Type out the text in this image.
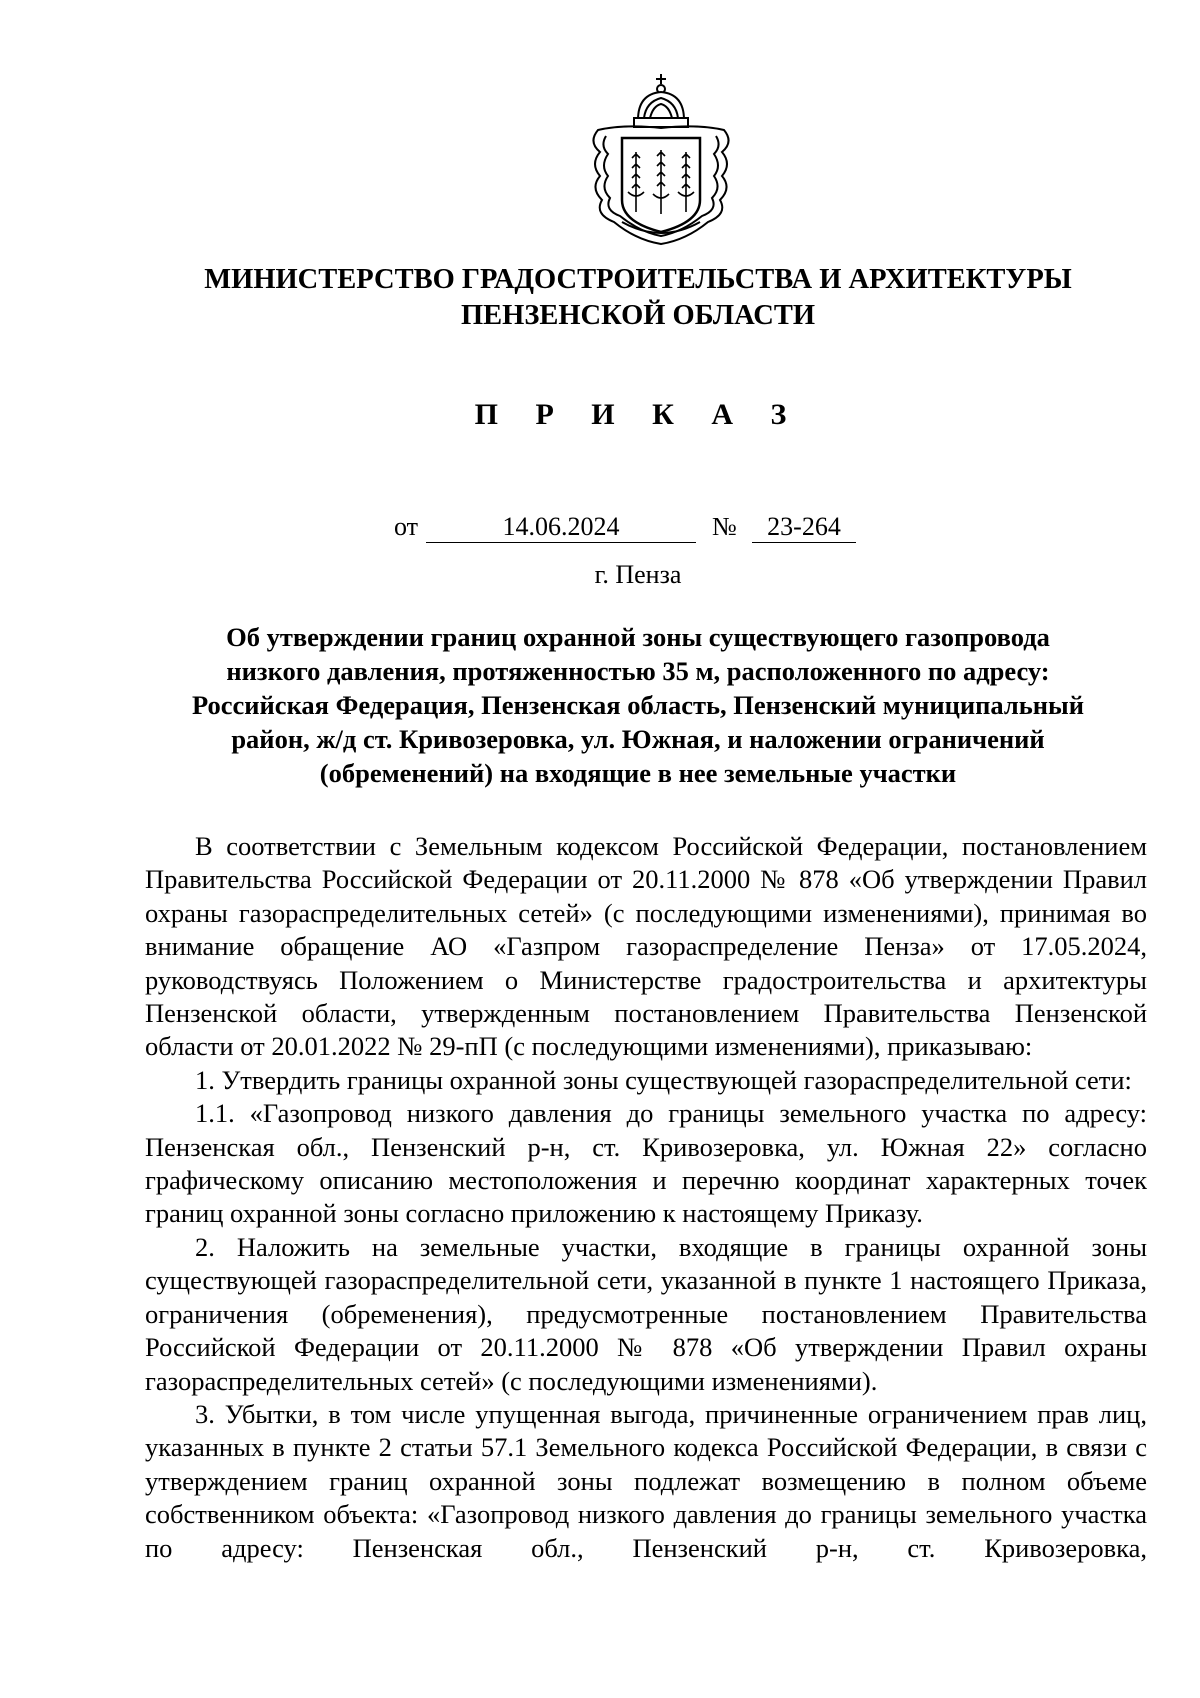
МИНИСТЕРСТВО ГРАДОСТРОИТЕЛЬСТВА И АРХИТЕКТУРЫ
ПЕНЗЕНСКОЙ ОБЛАСТИ
П Р И К А З
от	14.06.2024	№	23-264
г. Пенза
Об утверждении границ охранной зоны существующего газопровода
низкого давления, протяженностью 35 м, расположенного по адресу:
Российская Федерация, Пензенская область, Пензенский муниципальный
район, ж/д ст. Кривозеровка, ул. Южная, и наложении ограничений
(обременений) на входящие в нее земельные участки

В соответствии с Земельным кодексом Российской Федерации, постановлением Правительства Российской Федерации от 20.11.2000 № 878 «Об утверждении Правил охраны газораспределительных сетей» (с последующими изменениями), принимая во внимание обращение АО «Газпром газораспределение Пенза» от 17.05.2024, руководствуясь Положением о Министерстве градостроительства и архитектуры Пензенской области, утвержденным постановлением Правительства Пензенской области от 20.01.2022 № 29-пП (с последующими изменениями), приказываю:

1. Утвердить границы охранной зоны существующей газораспределительной сети:

1.1. «Газопровод низкого давления до границы земельного участка по адресу: Пензенская обл., Пензенский р-н, ст. Кривозеровка, ул. Южная 22» согласно графическому описанию местоположения и перечню координат характерных точек границ охранной зоны согласно приложению к настоящему Приказу.

2. Наложить на земельные участки, входящие в границы охранной зоны существующей газораспределительной сети, указанной в пункте 1 настоящего Приказа, ограничения (обременения), предусмотренные постановлением Правительства Российской Федерации от 20.11.2000 № 878 «Об утверждении Правил охраны газораспределительных сетей» (с последующими изменениями).

3. Убытки, в том числе упущенная выгода, причиненные ограничением прав лиц, указанных в пункте 2 статьи 57.1 Земельного кодекса Российской Федерации, в связи с утверждением границ охранной зоны подлежат возмещению в полном объеме собственником объекта: «Газопровод низкого давления до границы земельного участка по адресу: Пензенская обл., Пензенский р-н, ст. Кривозеровка,
